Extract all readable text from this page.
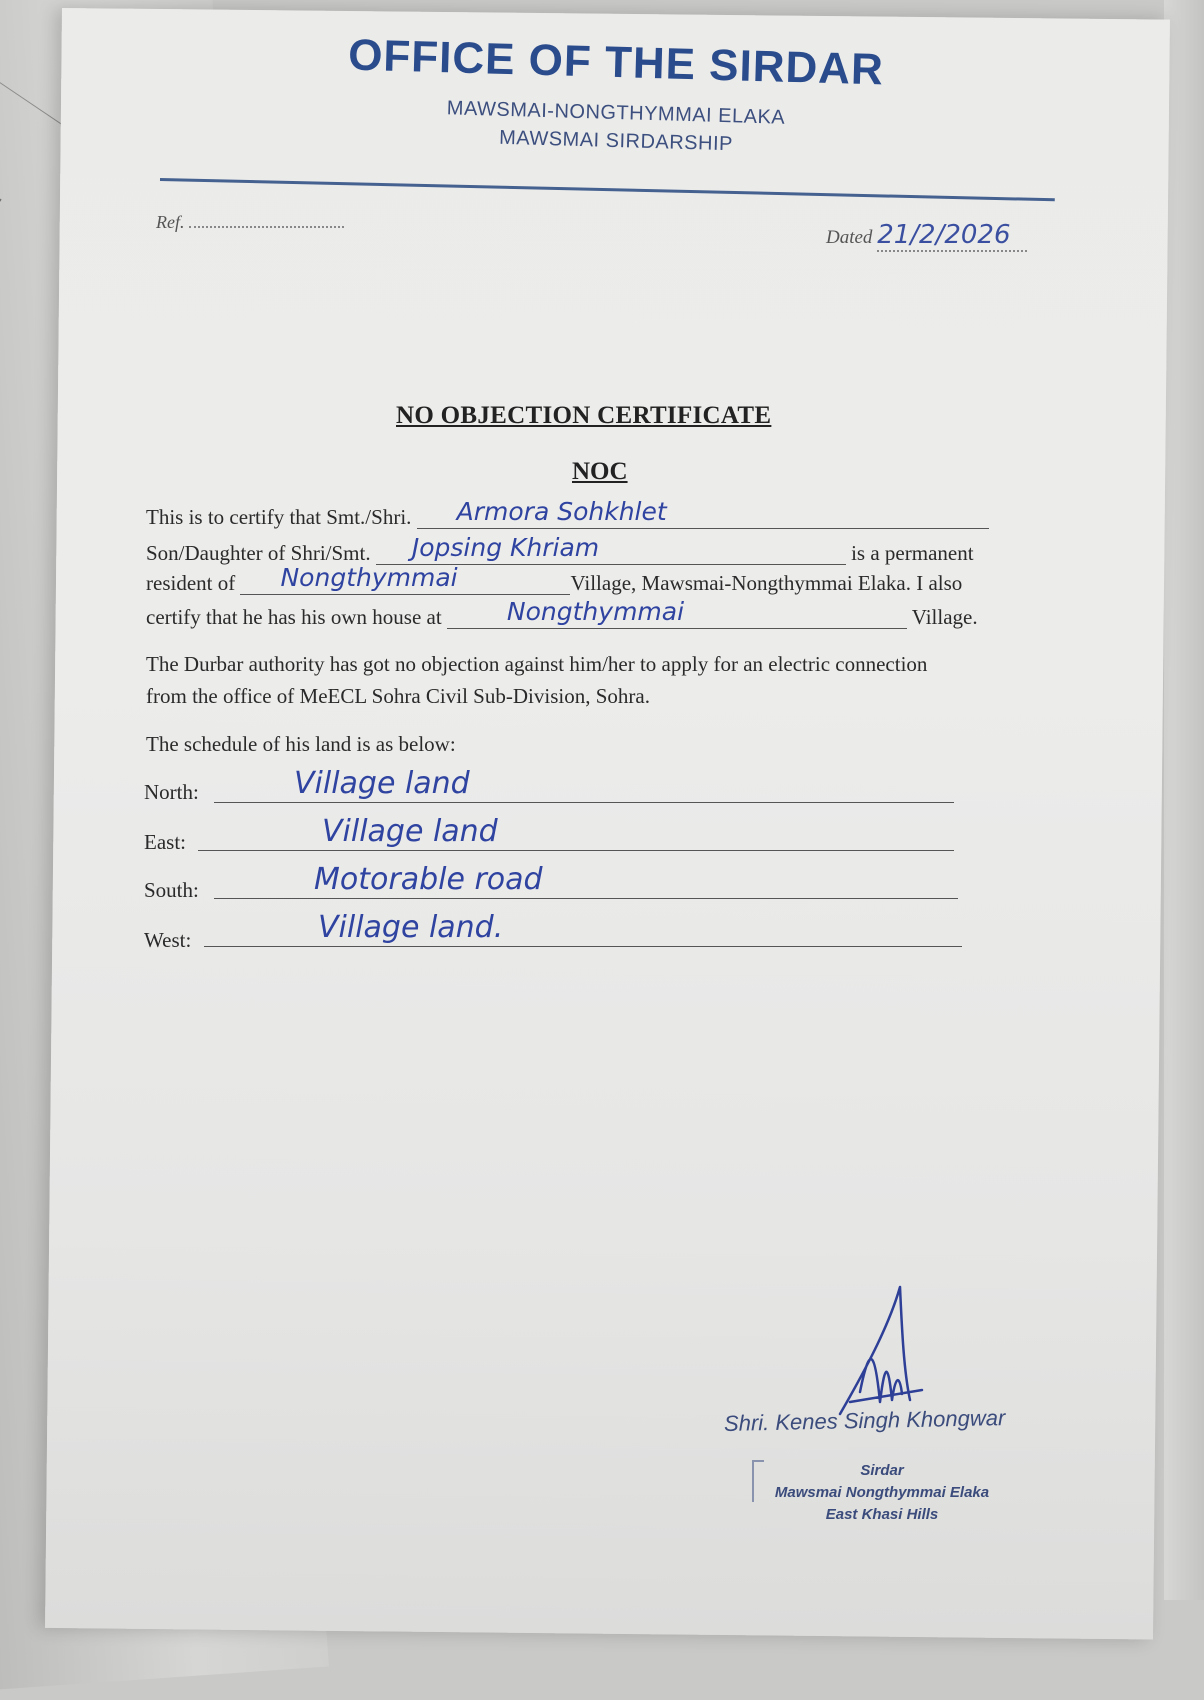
OFFICE OF THE SIRDAR
MAWSMAI-NONGTHYMMAI ELAKA
MAWSMAI SIRDARSHIP
Ref.
Dated 21/2/2026
NO OBJECTION CERTIFICATE
NOC
This is to certify that Smt./Shri. Armora Sohkhlet
Son/Daughter of Shri/Smt. Jopsing Khriam	is a permanent
resident of Nongthymmai	Village, Mawsmai-Nongthymmai Elaka. I also
certify that he has his own house at	Nongthymmai	Village.
The Durbar authority has got no objection against him/her to apply for an electric connection
from the office of MeECL Sohra Civil Sub-Division, Sohra.
The schedule of his land is as below:
North:	Village land
East:	Village land
South:	Motorable road
West:	Village land.
Shri. Kenes Singh Khongwar
Sirdar
Mawsmai Nongthymmai Elaka
East Khasi Hills
